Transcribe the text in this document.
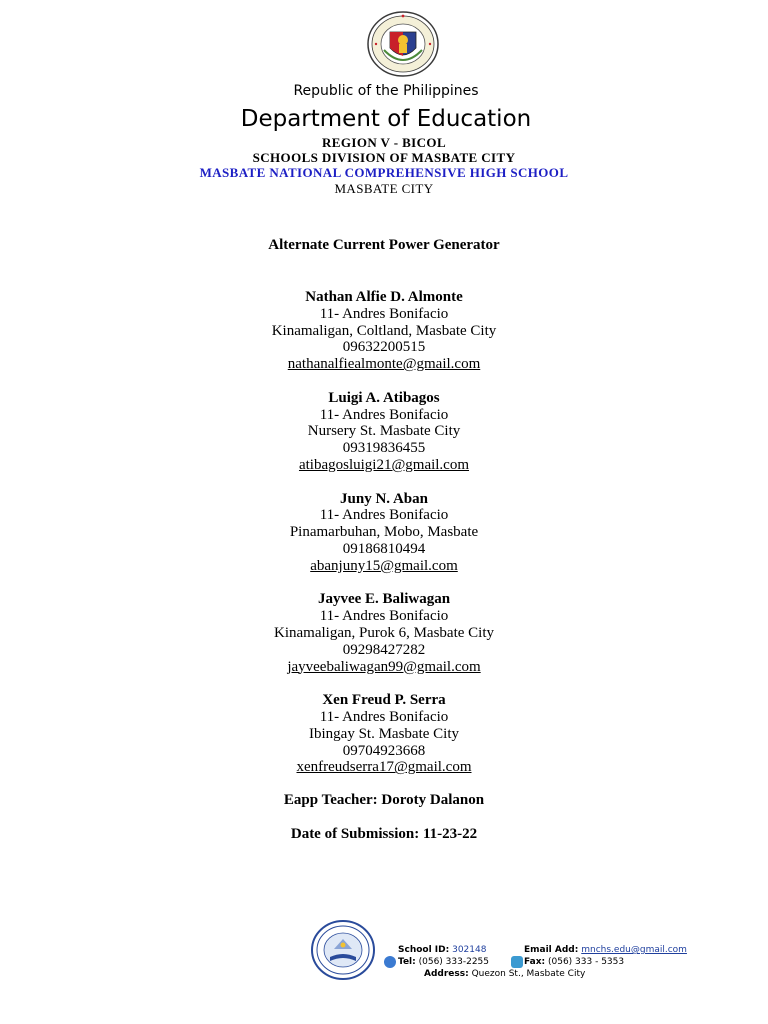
Republic of the Philippines
Department of Education
REGION V - BICOL
SCHOOLS DIVISION OF MASBATE CITY
MASBATE NATIONAL COMPREHENSIVE HIGH SCHOOL
MASBATE CITY
Alternate Current Power Generator
Nathan Alfie D. Almonte
11- Andres Bonifacio
Kinamaligan, Coltland, Masbate City
09632200515
nathanalfiealmonte@gmail.com
Luigi A. Atibagos
11- Andres Bonifacio
Nursery St. Masbate City
09319836455
atibagosluigi21@gmail.com
Juny N. Aban
11- Andres Bonifacio
Pinamarbuhan, Mobo, Masbate
09186810494
abanjuny15@gmail.com
Jayvee E. Baliwagan
11- Andres Bonifacio
Kinamaligan, Purok 6, Masbate City
09298427282
jayveebaliwagan99@gmail.com
Xen Freud P. Serra
11- Andres Bonifacio
Ibingay St. Masbate City
09704923668
xenfreudserra17@gmail.com
Eapp Teacher: Doroty Dalanon
Date of Submission: 11-23-22
School ID: 302148	Email Add: mnchs.edu@gmail.com
Tel: (056) 333-2255	Fax: (056) 333 - 5353
Address: Quezon St., Masbate City
